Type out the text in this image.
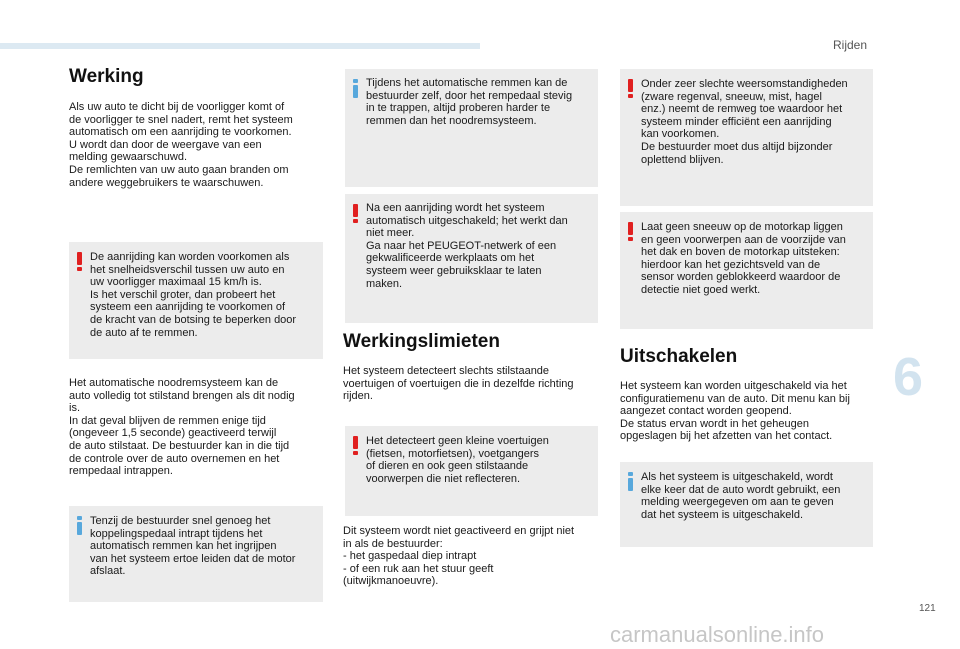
Rijden
6
Werking

Als uw auto te dicht bij de voorligger komt of
de voorligger te snel nadert, remt het systeem
automatisch om een aanrijding te voorkomen.
U wordt dan door de weergave van een
melding gewaarschuwd.
De remlichten van uw auto gaan branden om
andere weggebruikers te waarschuwen.

De aanrijding kan worden voorkomen als
het snelheidsverschil tussen uw auto en
uw voorligger maximaal 15 km/h is.
Is het verschil groter, dan probeert het
systeem een aanrijding te voorkomen of
de kracht van de botsing te beperken door
de auto af te remmen.

Het automatische noodremsysteem kan de
auto volledig tot stilstand brengen als dit nodig
is.
In dat geval blijven de remmen enige tijd
(ongeveer 1,5 seconde) geactiveerd terwijl
de auto stilstaat. De bestuurder kan in die tijd
de controle over de auto overnemen en het
rempedaal intrappen.

Tenzij de bestuurder snel genoeg het
koppelingspedaal intrapt tijdens het
automatisch remmen kan het ingrijpen
van het systeem ertoe leiden dat de motor
afslaat.
Tijdens het automatische remmen kan de
bestuurder zelf, door het rempedaal stevig
in te trappen, altijd proberen harder te
remmen dan het noodremsysteem.
Na een aanrijding wordt het systeem
automatisch uitgeschakeld; het werkt dan
niet meer.
Ga naar het PEUGEOT-netwerk of een
gekwalificeerde werkplaats om het
systeem weer gebruiksklaar te laten
maken.
Werkingslimieten

Het systeem detecteert slechts stilstaande
voertuigen of voertuigen die in dezelfde richting
rijden.

Het detecteert geen kleine voertuigen
(fietsen, motorfietsen), voetgangers
of dieren en ook geen stilstaande
voorwerpen die niet reflecteren.

Dit systeem wordt niet geactiveerd en grijpt niet
in als de bestuurder:
- het gaspedaal diep intrapt
- of een ruk aan het stuur geeft
(uitwijkmanoeuvre).

Onder zeer slechte weersomstandigheden
(zware regenval, sneeuw, mist, hagel
enz.) neemt de remweg toe waardoor het
systeem minder efficiënt een aanrijding
kan voorkomen.
De bestuurder moet dus altijd bijzonder
oplettend blijven.
Laat geen sneeuw op de motorkap liggen
en geen voorwerpen aan de voorzijde van
het dak en boven de motorkap uitsteken:
hierdoor kan het gezichtsveld van de
sensor worden geblokkeerd waardoor de
detectie niet goed werkt.
Uitschakelen

Het systeem kan worden uitgeschakeld via het
configuratiemenu van de auto. Dit menu kan bij
aangezet contact worden geopend.
De status ervan wordt in het geheugen
opgeslagen bij het afzetten van het contact.

Als het systeem is uitgeschakeld, wordt
elke keer dat de auto wordt gebruikt, een
melding weergegeven om aan te geven
dat het systeem is uitgeschakeld.
121
carmanualsonline.info
